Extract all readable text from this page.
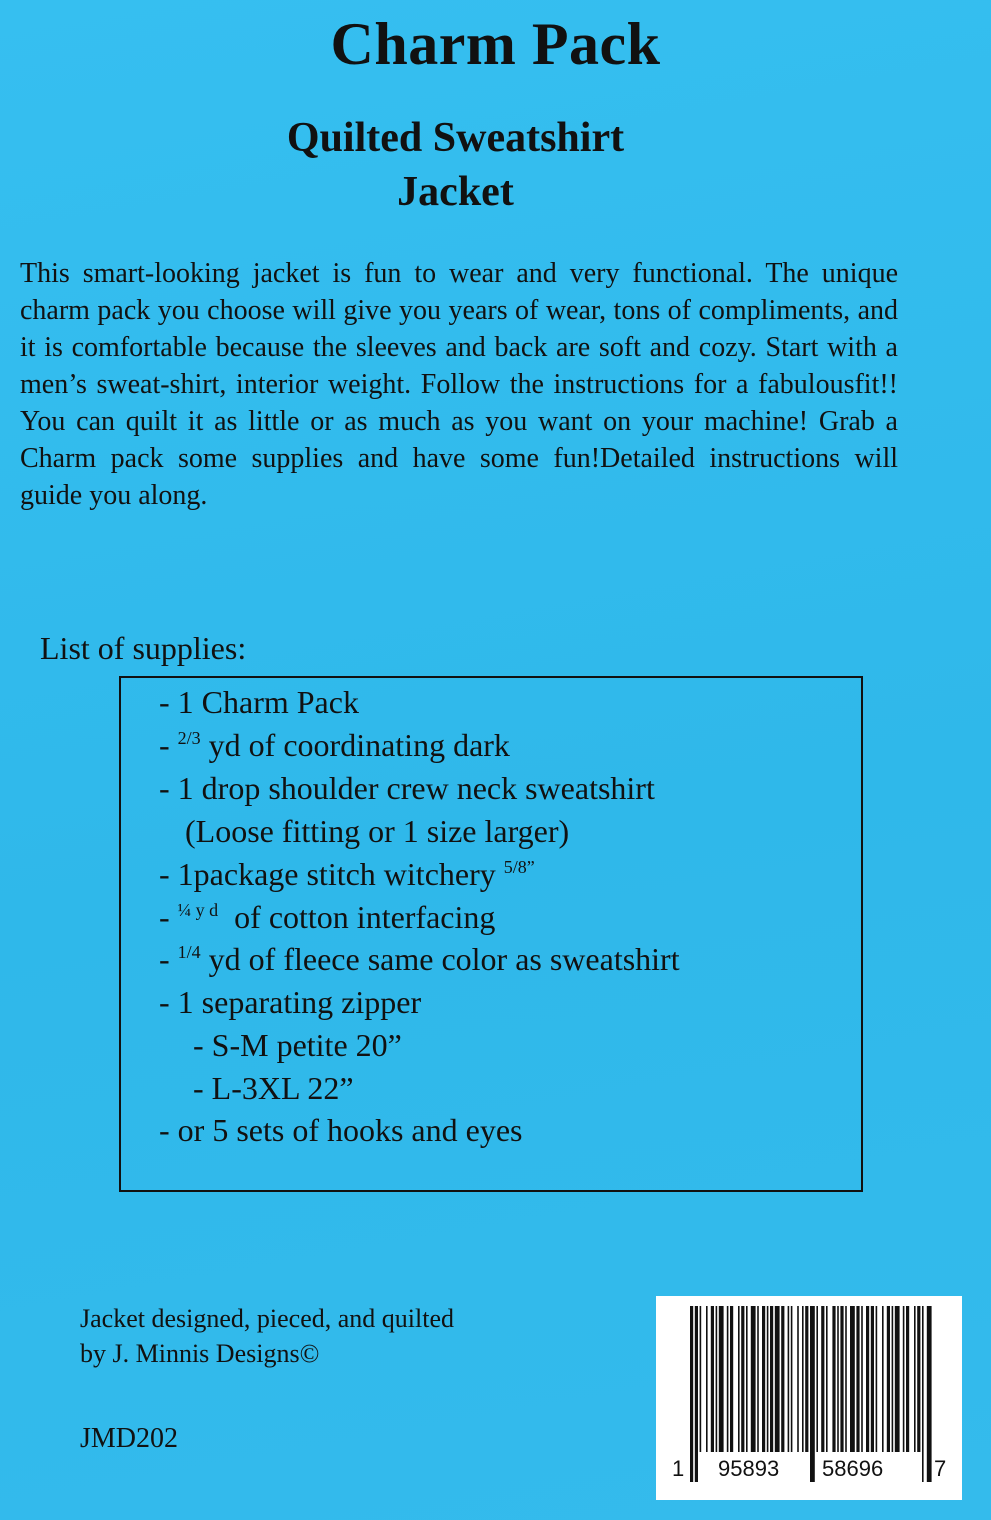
Charm Pack
Quilted Sweatshirt
Jacket
This smart-looking jacket is fun to wear and very functional. The unique charm pack you choose will give you years of wear, tons of compliments, and it is comfortable because the sleeves and back are soft and cozy. Start with a men’s sweat-shirt, interior weight. Follow the instructions for a fabulousfit!! You can quilt it as little or as much as you want on your machine! Grab a Charm pack some supplies and have some fun!Detailed instructions will guide you along.
List of supplies:
- 1 Charm Pack
- $^{2/3}$ yd of coordinating dark
- 1 drop shoulder crew neck sweatshirt
(Loose fitting or 1 size larger)
- 1package stitch witchery $^{5/8”}$
- $^{\frac{1}{4} y d}$  of cotton interfacing
- $^{1/4}$ yd of fleece same color as sweatshirt
- 1 separating zipper
- S-M petite 20”
- L-3XL 22”
- or 5 sets of hooks and eyes
Jacket designed, pieced, and quilted
by J. Minnis Designs©
JMD202
1 95893 58696 7
